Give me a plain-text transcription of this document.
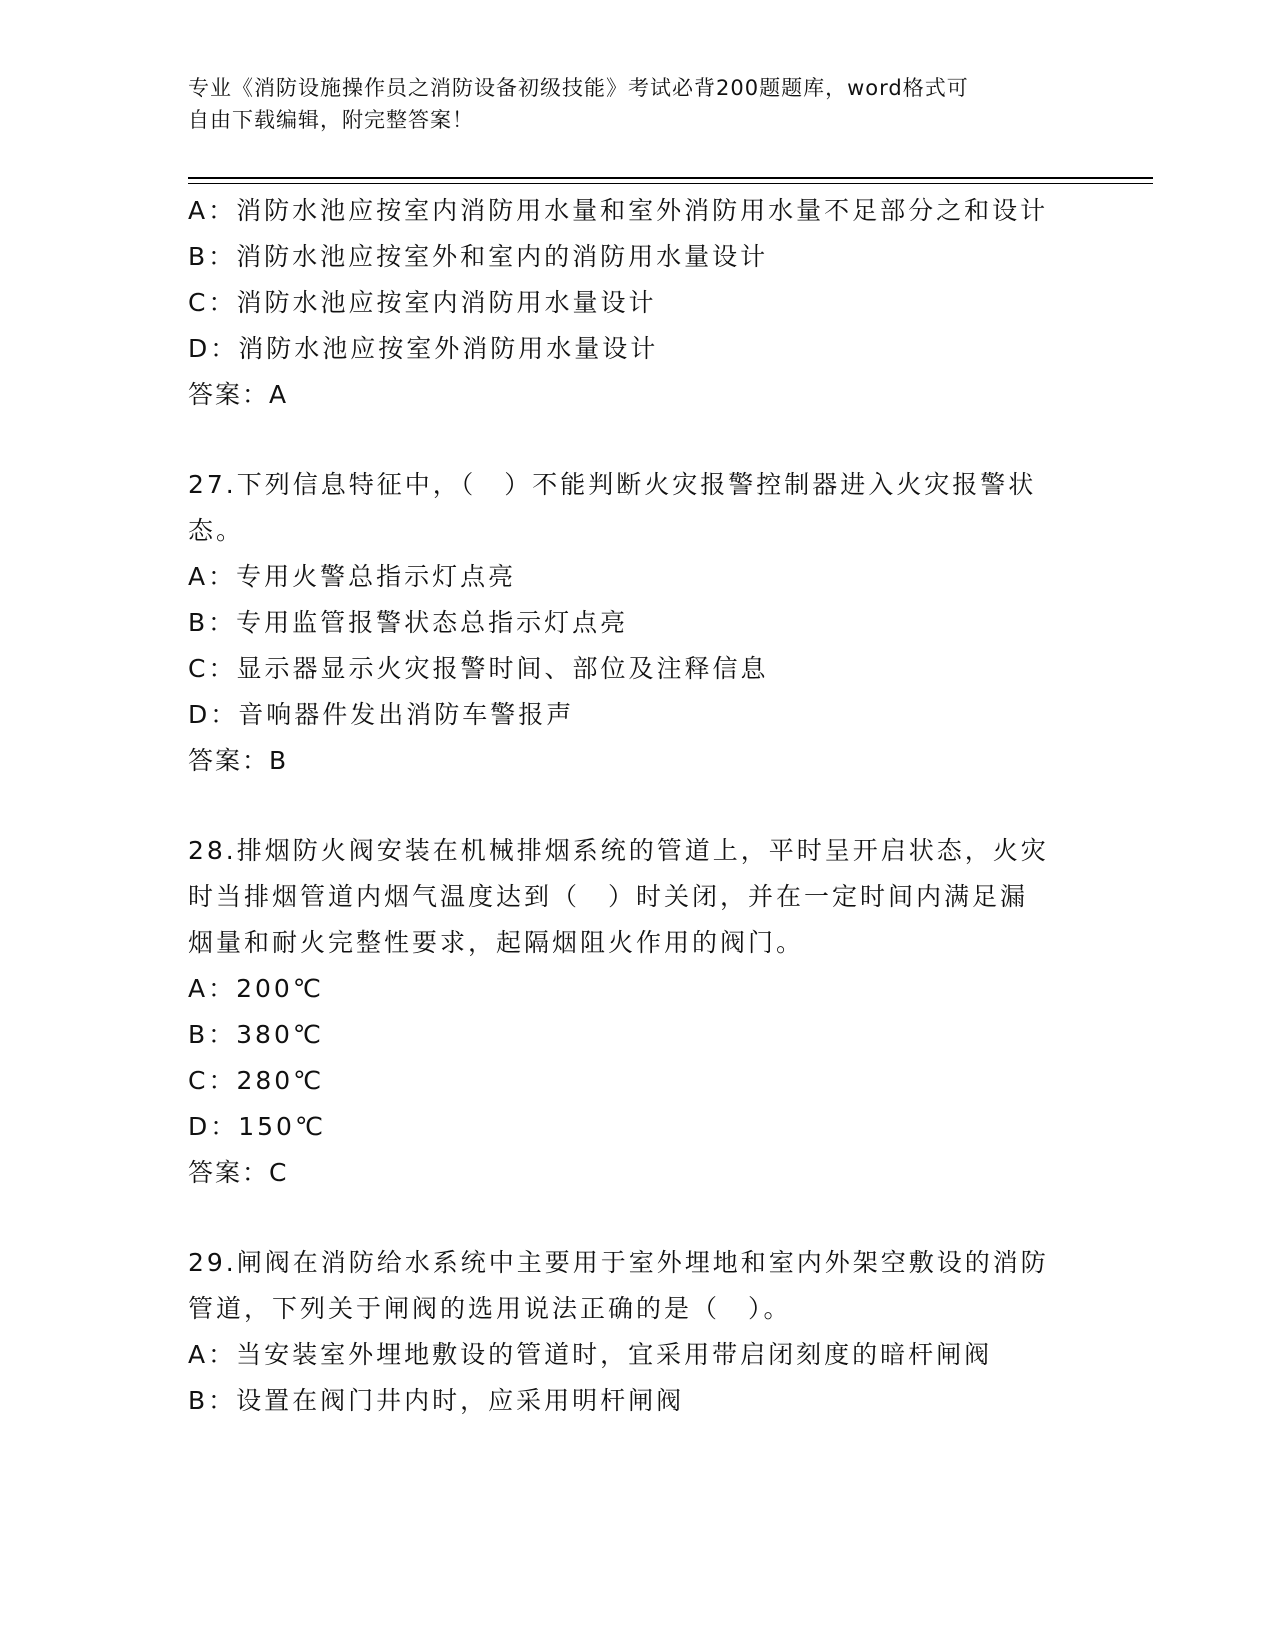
专业《消防设施操作员之消防设备初级技能》考试必背200题题库，word格式可
自由下载编辑，附完整答案！
A：消防水池应按室内消防用水量和室外消防用水量不足部分之和设计
B：消防水池应按室外和室内的消防用水量设计
C：消防水池应按室内消防用水量设计
D：消防水池应按室外消防用水量设计
答案：A
27.下列信息特征中，（　）不能判断火灾报警控制器进入火灾报警状
态。
A：专用火警总指示灯点亮
B：专用监管报警状态总指示灯点亮
C：显示器显示火灾报警时间、部位及注释信息
D：音响器件发出消防车警报声
答案：B
28.排烟防火阀安装在机械排烟系统的管道上，平时呈开启状态，火灾
时当排烟管道内烟气温度达到（　）时关闭，并在一定时间内满足漏
烟量和耐火完整性要求，起隔烟阻火作用的阀门。
A：200℃
B：380℃
C：280℃
D：150℃
答案：C
29.闸阀在消防给水系统中主要用于室外埋地和室内外架空敷设的消防
管道，下列关于闸阀的选用说法正确的是（　）。
A：当安装室外埋地敷设的管道时，宜采用带启闭刻度的暗杆闸阀
B：设置在阀门井内时，应采用明杆闸阀
